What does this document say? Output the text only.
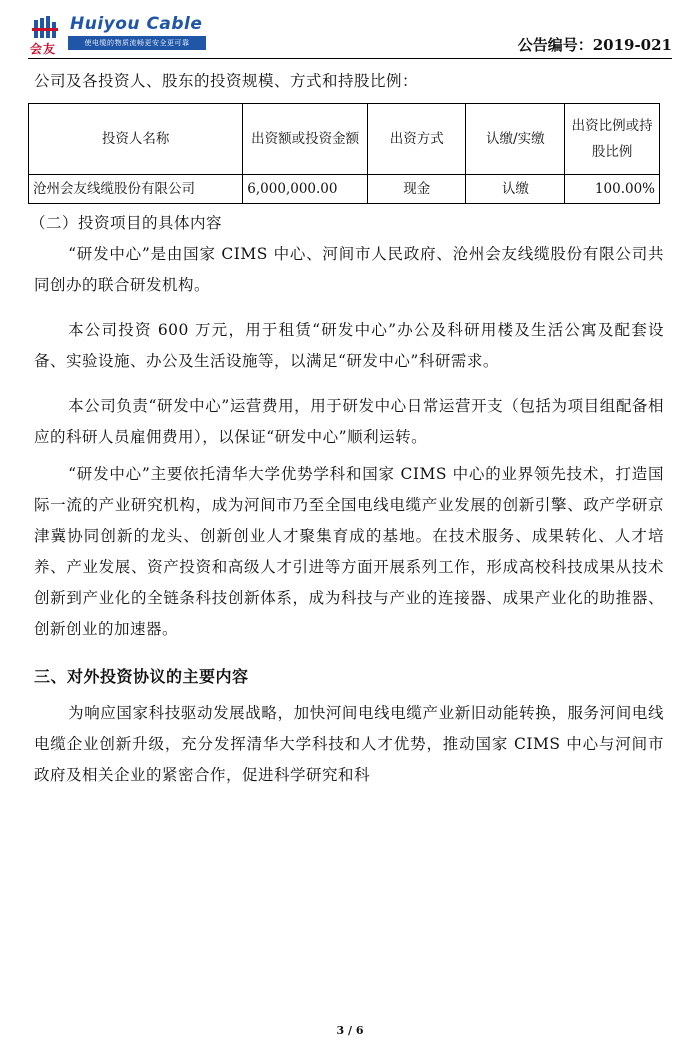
会友
Huiyou Cable
使电缆的物质流畅更安全更可靠	公告编号：2019-021

公司及各投资人、股东的投资规模、方式和持股比例：

投资人名称	出资额或投资金额	出资方式	认缴/实缴	出资比例或持股比例
沧州会友线缆股份有限公司	6,000,000.00	现金	认缴	100.00%

（二）投资项目的具体内容

“研发中心”是由国家 CIMS 中心、河间市人民政府、沧州会友线缆股份有限公司共同创办的联合研发机构。

本公司投资 600 万元，用于租赁“研发中心”办公及科研用楼及生活公寓及配套设备、实验设施、办公及生活设施等，以满足“研发中心”科研需求。

本公司负责“研发中心”运营费用，用于研发中心日常运营开支（包括为项目组配备相应的科研人员雇佣费用），以保证“研发中心”顺利运转。

“研发中心”主要依托清华大学优势学科和国家 CIMS 中心的业界领先技术，打造国际一流的产业研究机构，成为河间市乃至全国电线电缆产业发展的创新引擎、政产学研京津冀协同创新的龙头、创新创业人才聚集育成的基地。在技术服务、成果转化、人才培养、产业发展、资产投资和高级人才引进等方面开展系列工作，形成高校科技成果从技术创新到产业化的全链条科技创新体系，成为科技与产业的连接器、成果产业化的助推器、创新创业的加速器。

三、对外投资协议的主要内容

为响应国家科技驱动发展战略，加快河间电线电缆产业新旧动能转换，服务河间电线电缆企业创新升级，充分发挥清华大学科技和人才优势，推动国家 CIMS 中心与河间市政府及相关企业的紧密合作，促进科学研究和科

3 / 6
